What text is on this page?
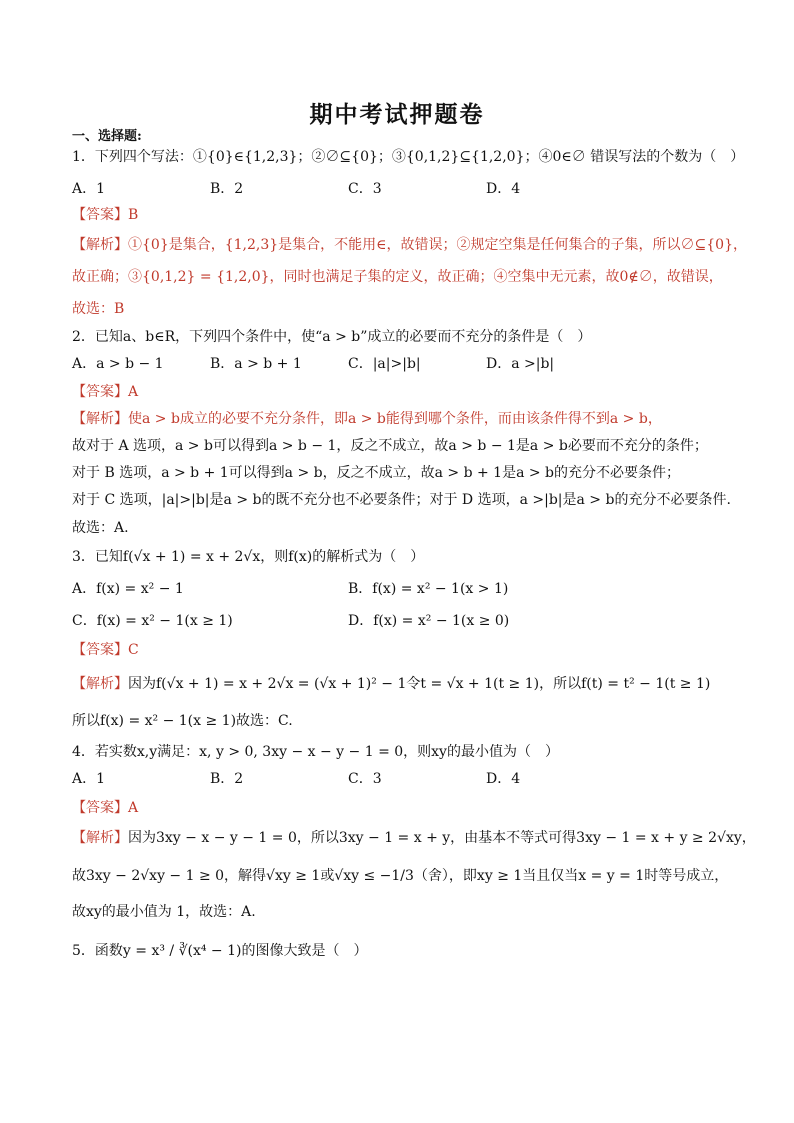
期中考试押题卷
一、选择题:
1．下列四个写法：①{0}∈{1,2,3}；②∅⊆{0}；③{0,1,2}⊆{1,2,0}；④0∈∅ 错误写法的个数为（　）
A．1	B．2	C．3	D．4
【答案】B
【解析】①{0}是集合，{1,2,3}是集合，不能用∈，故错误；②规定空集是任何集合的子集，所以∅⊆{0}，
故正确；③{0,1,2} = {1,2,0}，同时也满足子集的定义，故正确；④空集中无元素，故0∉∅，故错误，
故选：B
2．已知a、b∈R，下列四个条件中，使“a > b”成立的必要而不充分的条件是（　）
A．a > b − 1	B．a > b + 1	C．|a|>|b|	D．a >|b|
【答案】A
【解析】使a > b成立的必要不充分条件，即a > b能得到哪个条件，而由该条件得不到a > b，
故对于 A 选项，a > b可以得到a > b − 1，反之不成立，故a > b − 1是a > b必要而不充分的条件；
对于 B 选项，a > b + 1可以得到a > b，反之不成立，故a > b + 1是a > b的充分不必要条件；
对于 C 选项，|a|>|b|是a > b的既不充分也不必要条件；对于 D 选项，a >|b|是a > b的充分不必要条件.
故选：A.
3．已知f(√x + 1) = x + 2√x，则f(x)的解析式为（　）
A．f(x) = x² − 1	B．f(x) = x² − 1(x > 1)
C．f(x) = x² − 1(x ≥ 1)	D．f(x) = x² − 1(x ≥ 0)
【答案】C
【解析】因为f(√x + 1) = x + 2√x = (√x + 1)² − 1令t = √x + 1(t ≥ 1)，所以f(t) = t² − 1(t ≥ 1)
所以f(x) = x² − 1(x ≥ 1)故选：C.
4．若实数x,y满足：x, y > 0, 3xy − x − y − 1 = 0，则xy的最小值为（　）
A．1	B．2	C．3	D．4
【答案】A
【解析】因为3xy − x − y − 1 = 0，所以3xy − 1 = x + y，由基本不等式可得3xy − 1 = x + y ≥ 2√xy，
故3xy − 2√xy − 1 ≥ 0，解得√xy ≥ 1或√xy ≤ −1/3（舍），即xy ≥ 1当且仅当x = y = 1时等号成立，
故xy的最小值为 1，故选：A.
5．函数y = x³ / ∛(x⁴ − 1)的图像大致是（　）
